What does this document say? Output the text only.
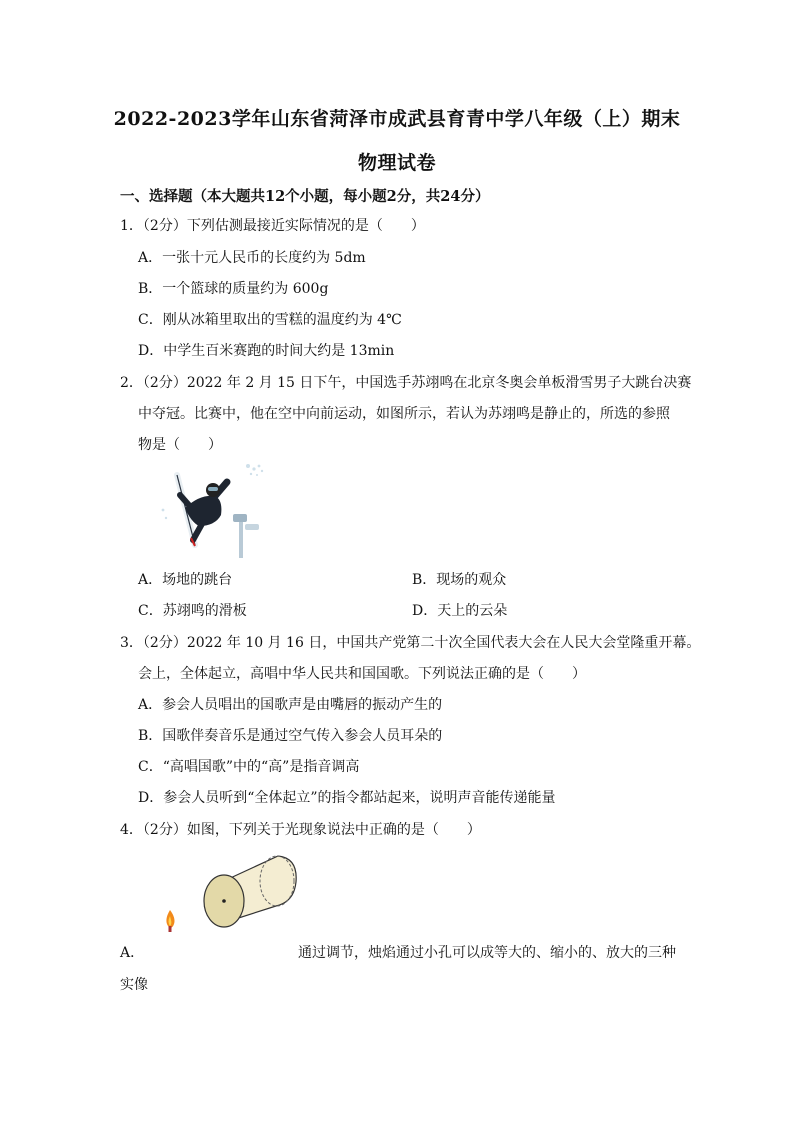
2022-2023学年山东省菏泽市成武县育青中学八年级（上）期末
物理试卷
一、选择题（本大题共12个小题，每小题2分，共24分）
1．（2分）下列估测最接近实际情况的是（　　）
A．一张十元人民币的长度约为 5dm
B．一个篮球的质量约为 600g
C．刚从冰箱里取出的雪糕的温度约为 4℃
D．中学生百米赛跑的时间大约是 13min
2．（2分）2022 年 2 月 15 日下午，中国选手苏翊鸣在北京冬奥会单板滑雪男子大跳台决赛
中夺冠。比赛中，他在空中向前运动，如图所示，若认为苏翊鸣是静止的，所选的参照
物是（　　）
A．场地的跳台	B．现场的观众
C．苏翊鸣的滑板	D．天上的云朵
3．（2分）2022 年 10 月 16 日，中国共产党第二十次全国代表大会在人民大会堂隆重开幕。
会上，全体起立，高唱中华人民共和国国歌。下列说法正确的是（　　）
A．参会人员唱出的国歌声是由嘴唇的振动产生的
B．国歌伴奏音乐是通过空气传入参会人员耳朵的
C．“高唱国歌”中的“高”是指音调高
D．参会人员听到“全体起立”的指令都站起来，说明声音能传递能量
4．（2分）如图，下列关于光现象说法中正确的是（　　）
A．	通过调节，烛焰通过小孔可以成等大的、缩小的、放大的三种
实像
